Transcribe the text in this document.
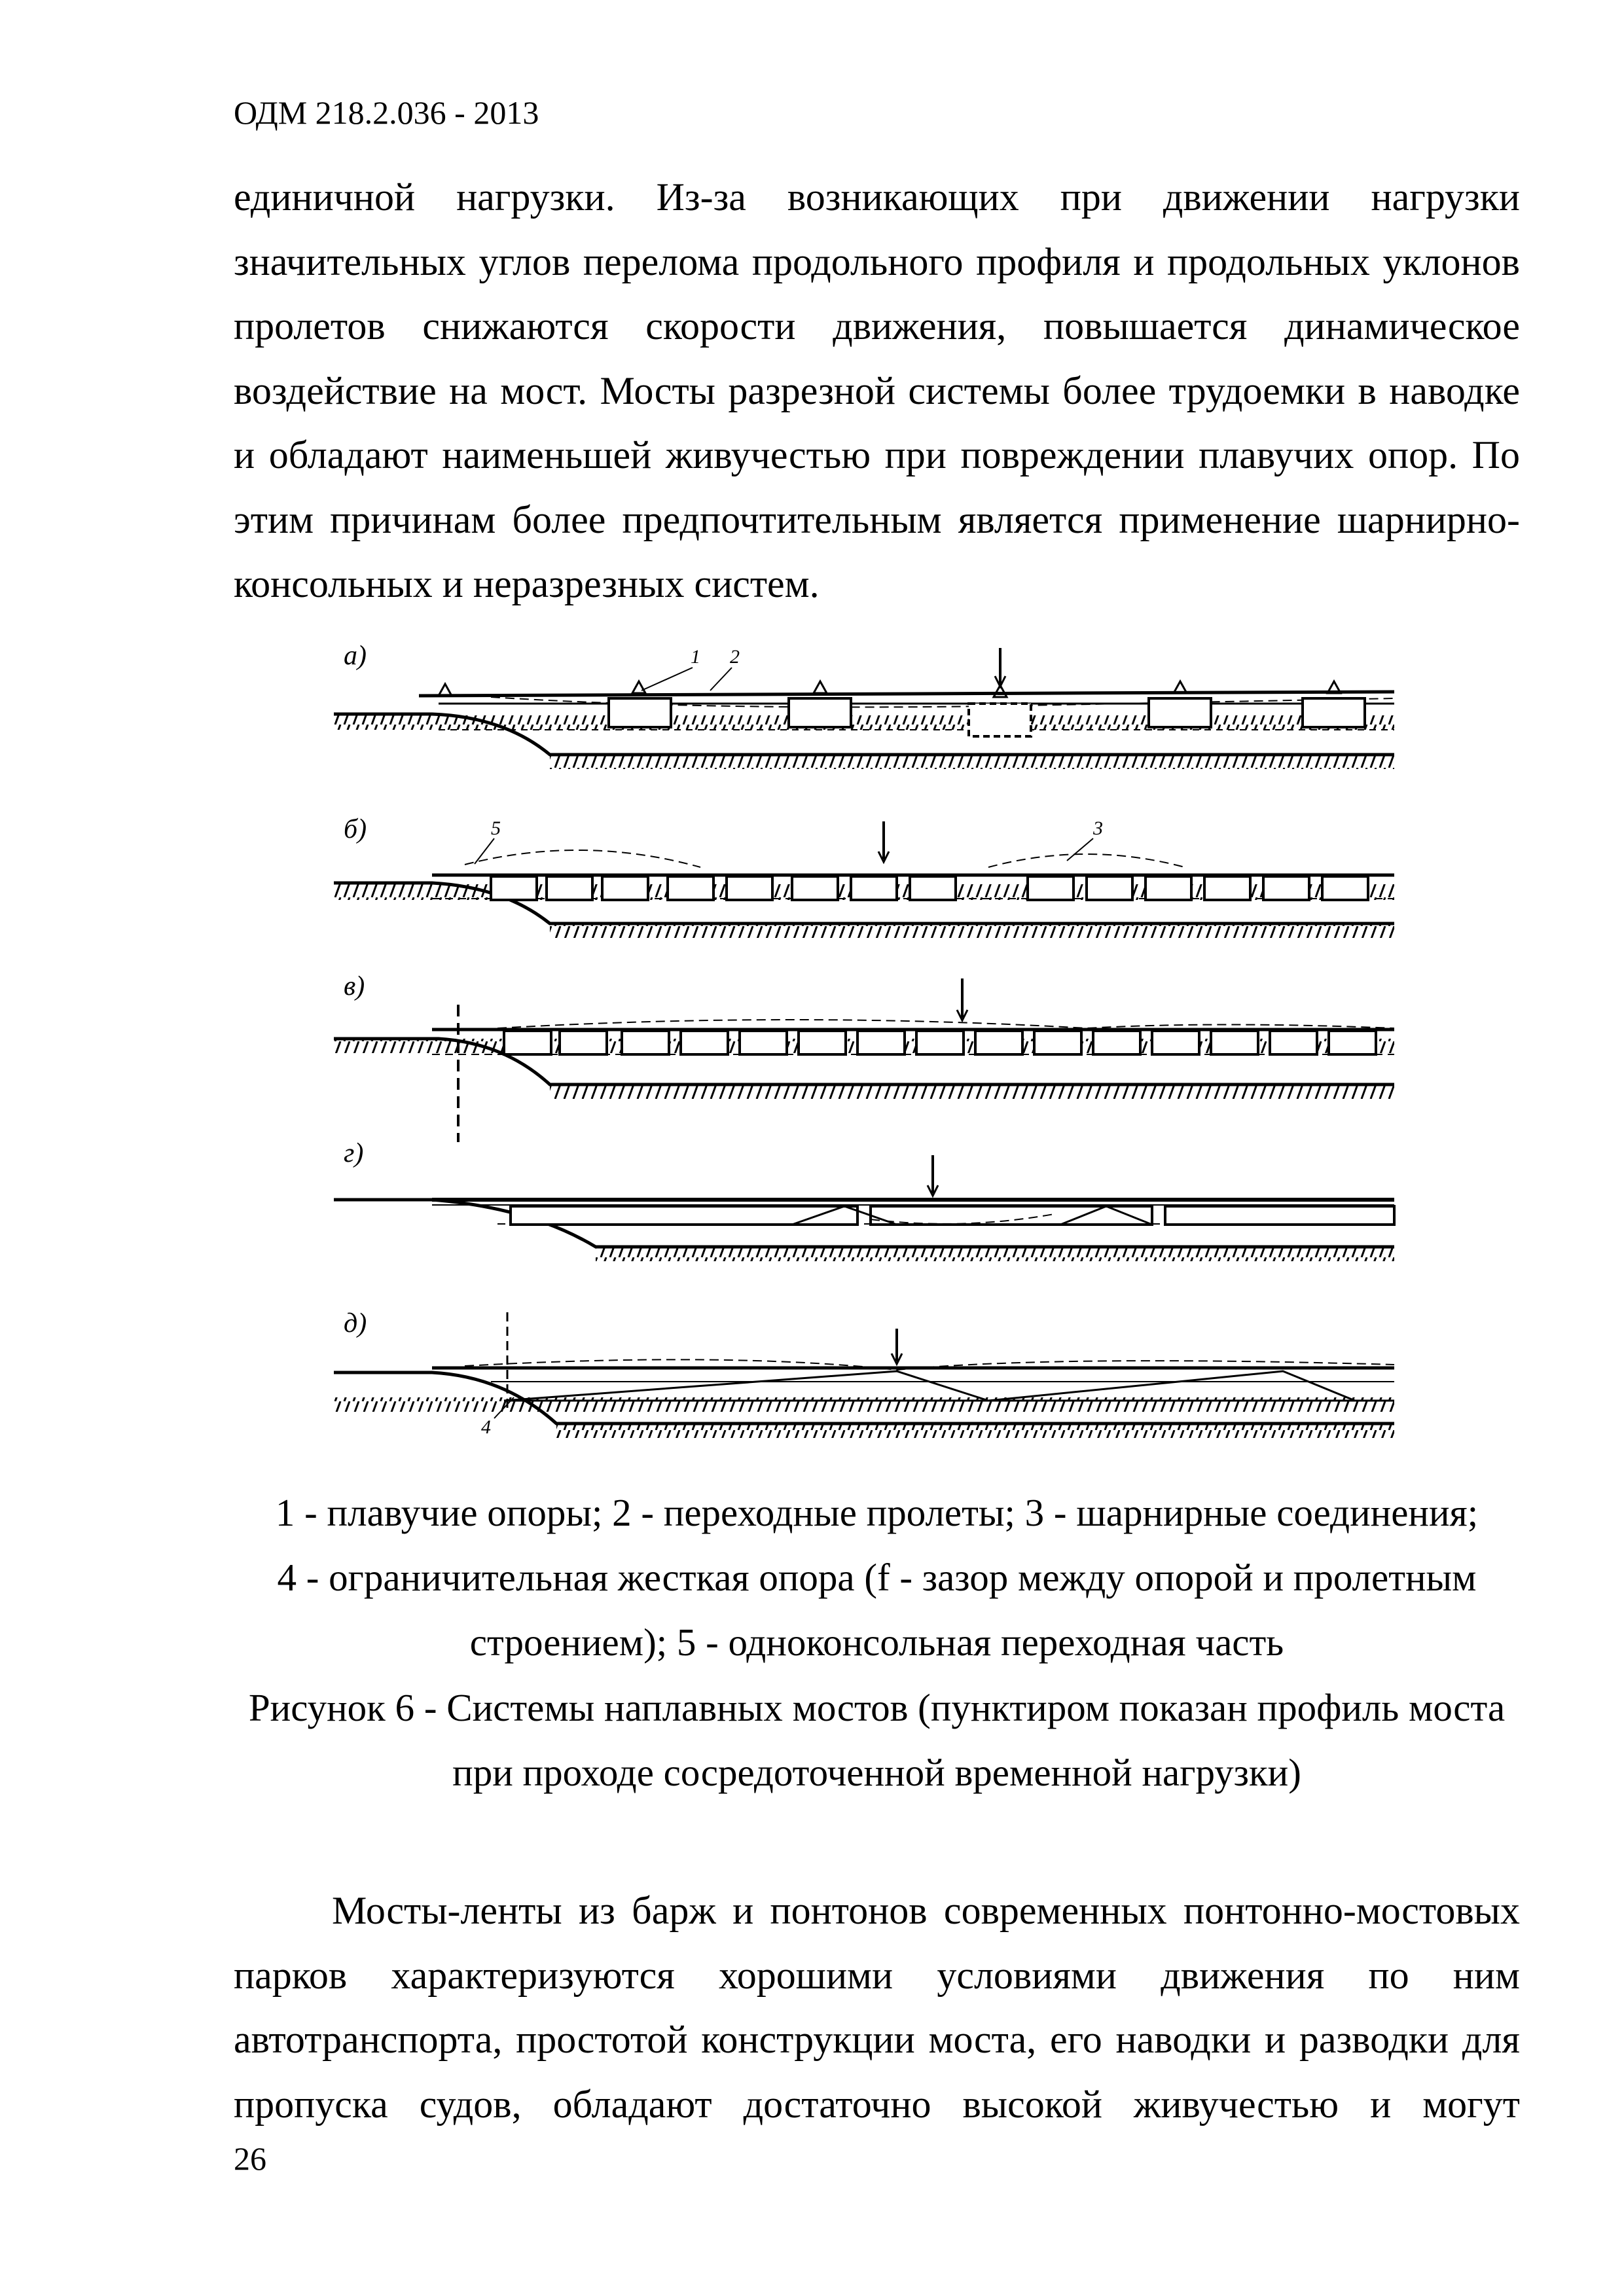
ОДМ 218.2.036 - 2013

единичной нагрузки. Из-за возникающих при движении нагрузки значительных углов перелома продольного профиля и продольных уклонов пролетов снижаются скорости движения, повышается динамическое воздействие на мост. Мосты разрезной системы более трудоемки в наводке и обладают наименьшей живучестью при повреждении плавучих опор. По этим причинам более предпочтительным является применение шарнирно-
консольных и неразрезных систем.

а)	1 2
б)	5	3
в)
г)
д)
4
1 - плавучие опоры; 2 - переходные пролеты; 3 - шарнирные соединения;
4 - ограничительная жесткая опора (f - зазор между опорой и пролетным
строением); 5 - одноконсольная переходная часть
Рисунок 6 - Системы наплавных мостов (пунктиром показан профиль моста
при проходе сосредоточенной временной нагрузки)

Мосты-ленты из барж и понтонов современных понтонно-мостовых парков характеризуются хорошими условиями движения по ним автотранспорта, простотой конструкции моста, его наводки и разводки для пропуска судов, обладают достаточно высокой живучестью и могут

26
